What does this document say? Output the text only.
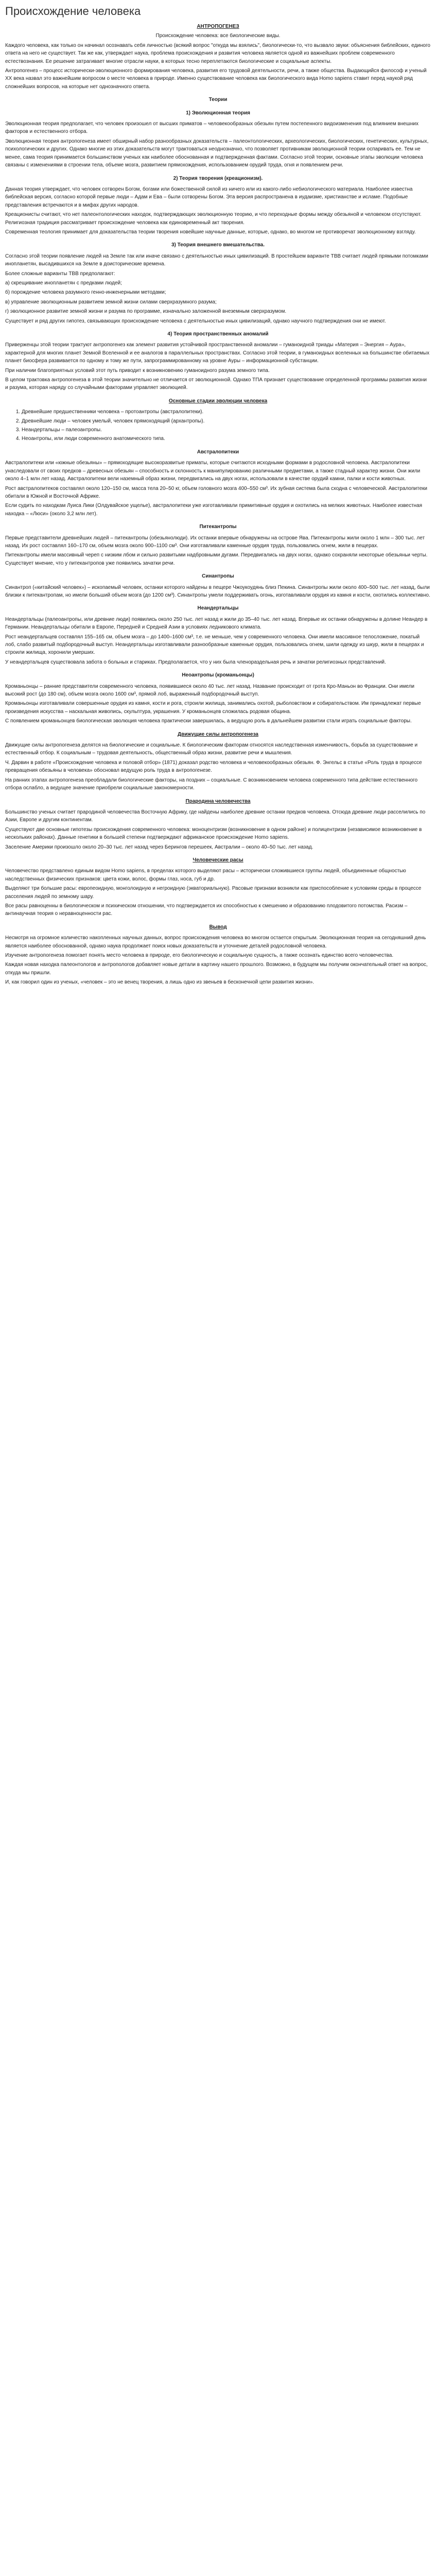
Происхождение человека

АНТРОПОГЕНЕЗ

Происхождение человека: все биологические виды.

Каждого человека, как только он начинал осознавать себя личностью (всякий вопрос "откуда мы взялись", биологически-то, что вызвало звуки: объяснения библейских, единого ответа на него не существует. Так же как, утверждает наука, проблема происхождения и развития человека является одной из важнейших проблем современного естествознания. Ее решение затрагивает многие отрасли науки, в которых тесно переплетаются биологические и социальные аспекты.

Антропогенез – процесс исторически-эволюционного формирования человека, развития его трудовой деятельности, речи, а также общества. Выдающийся философ и ученый XX века назвал это важнейшим вопросом о месте человека в природе. Именно существование человека как биологического вида Homo sapiens ставит перед наукой ряд сложнейших вопросов, на которые нет однозначного ответа.

Теории
1) Эволюционная теория

Эволюционная теория предполагает, что человек произошел от высших приматов – человекообразных обезьян путем постепенного видоизменения под влиянием внешних факторов и естественного отбора.

Эволюционная теория антропогенеза имеет обширный набор разнообразных доказательств – палеонтологических, археологических, биологических, генетических, культурных, психологических и других. Однако многие из этих доказательств могут трактоваться неоднозначно, что позволяет противникам эволюционной теории оспаривать ее. Тем не менее, сама теория принимается большинством ученых как наиболее обоснованная и подтвержденная фактами. Согласно этой теории, основные этапы эволюции человека связаны с изменениями в строении тела, объеме мозга, развитием прямохождения, использованием орудий труда, огня и появлением речи.

2) Теория творения (креационизм).

Данная теория утверждает, что человек сотворен Богом, богами или божественной силой из ничего или из какого-либо небиологического материала. Наиболее известна библейская версия, согласно которой первые люди – Адам и Ева – были сотворены Богом. Эта версия распространена в иудаизме, христианстве и исламе. Подобные представления встречаются и в мифах других народов.

Креационисты считают, что нет палеонтологических находок, подтверждающих эволюционную теорию, и что переходные формы между обезьяной и человеком отсутствуют. Религиозная традиция рассматривает происхождение человека как единовременный акт творения.

Современная теология принимает для доказательства теории творения новейшие научные данные, которые, однако, во многом не противоречат эволюционному взгляду.

3) Теория внешнего вмешательства.

Согласно этой теории появление людей на Земле так или иначе связано с деятельностью иных цивилизаций. В простейшем варианте ТВВ считает людей прямыми потомками инопланетян, высадившихся на Земле в доисторические времена.

Более сложные варианты ТВВ предполагают:

а) скрещивание инопланетян с предками людей;

б) порождение человека разумного генно-инженерными методами;

в) управление эволюционным развитием земной жизни силами сверхразумного разума;

г) эволюционное развитие земной жизни и разума по программе, изначально заложенной внеземным сверхразумом.

Существует и ряд других гипотез, связывающих происхождение человека с деятельностью иных цивилизаций, однако научного подтверждения они не имеют.

4) Теория пространственных аномалий

Приверженцы этой теории трактуют антропогенез как элемент развития устойчивой пространственной аномалии – гуманоидной триады «Материя – Энергия – Аура», характерной для многих планет Земной Вселенной и ее аналогов в параллельных пространствах. Согласно этой теории, в гуманоидных вселенных на большинстве обитаемых планет биосфера развивается по одному и тому же пути, запрограммированному на уровне Ауры – информационной субстанции.

При наличии благоприятных условий этот путь приводит к возникновению гуманоидного разума земного типа.

В целом трактовка антропогенеза в этой теории значительно не отличается от эволюционной. Однако ТПА признает существование определенной программы развития жизни и разума, которая наряду со случайными факторами управляет эволюцией.

Основные стадии эволюции человека
1. Древнейшие предшественники человека – протоантропы (австралопитеки).
2. Древнейшие люди – человек умелый, человек прямоходящий (архантропы).
3. Неандертальцы – палеоантропы.
4. Неоантропы, или люди современного анатомического типа.
Австралопитеки

Австралопитеки или «южные обезьяны» – прямоходящие высокоразвитые приматы, которые считаются исходными формами в родословной человека. Австралопитеки унаследовали от своих предков – древесных обезьян – способность и склонность к манипулированию различными предметами, а также стадный характер жизни. Они жили около 4–1 млн лет назад. Австралопитеки вели наземный образ жизни, передвигались на двух ногах, использовали в качестве орудий камни, палки и кости животных.

Рост австралопитеков составлял около 120–150 см, масса тела 20–50 кг, объем головного мозга 400–550 см³. Их зубная система была сходна с человеческой. Австралопитеки обитали в Южной и Восточной Африке.

Если судить по находкам Луиса Лики (Олдувайское ущелье), австралопитеки уже изготавливали примитивные орудия и охотились на мелких животных. Наиболее известная находка – «Люси» (около 3,2 млн лет).

Питекантропы

Первые представители древнейших людей – питекантропы (обезьянолюди). Их останки впервые обнаружены на острове Ява. Питекантропы жили около 1 млн – 300 тыс. лет назад. Их рост составлял 160–170 см, объем мозга около 900–1100 см³. Они изготавливали каменные орудия труда, пользовались огнем, жили в пещерах.

Питекантропы имели массивный череп с низким лбом и сильно развитыми надбровными дугами. Передвигались на двух ногах, однако сохраняли некоторые обезьяньи черты. Существует мнение, что у питекантропов уже появились зачатки речи.

Синантропы

Синантроп («китайский человек») – ископаемый человек, останки которого найдены в пещере Чжоукоудянь близ Пекина. Синантропы жили около 400–500 тыс. лет назад, были близки к питекантропам, но имели больший объем мозга (до 1200 см³). Синантропы умели поддерживать огонь, изготавливали орудия из камня и кости, охотились коллективно.

Неандертальцы

Неандертальцы (палеоантропы, или древние люди) появились около 250 тыс. лет назад и жили до 35–40 тыс. лет назад. Впервые их останки обнаружены в долине Неандер в Германии. Неандертальцы обитали в Европе, Передней и Средней Азии в условиях ледникового климата.

Рост неандертальцев составлял 155–165 см, объем мозга – до 1400–1600 см³, т.е. не меньше, чем у современного человека. Они имели массивное телосложение, покатый лоб, слабо развитый подбородочный выступ. Неандертальцы изготавливали разнообразные каменные орудия, пользовались огнем, шили одежду из шкур, жили в пещерах и строили жилища, хоронили умерших.

У неандертальцев существовала забота о больных и стариках. Предполагается, что у них была членораздельная речь и зачатки религиозных представлений.

Неоантропы (кроманьонцы)

Кроманьонцы – ранние представители современного человека, появившиеся около 40 тыс. лет назад. Название происходит от грота Кро-Маньон во Франции. Они имели высокий рост (до 180 см), объем мозга около 1600 см³, прямой лоб, выраженный подбородочный выступ.

Кроманьонцы изготавливали совершенные орудия из камня, кости и рога, строили жилища, занимались охотой, рыболовством и собирательством. Им принадлежат первые произведения искусства – наскальная живопись, скульптура, украшения. У кроманьонцев сложилась родовая община.

С появлением кроманьонцев биологическая эволюция человека практически завершилась, а ведущую роль в дальнейшем развитии стали играть социальные факторы.

Движущие силы антропогенеза

Движущие силы антропогенеза делятся на биологические и социальные. К биологическим факторам относятся наследственная изменчивость, борьба за существование и естественный отбор. К социальным – трудовая деятельность, общественный образ жизни, развитие речи и мышления.

Ч. Дарвин в работе «Происхождение человека и половой отбор» (1871) доказал родство человека и человекообразных обезьян. Ф. Энгельс в статье «Роль труда в процессе превращения обезьяны в человека» обосновал ведущую роль труда в антропогенезе.

На ранних этапах антропогенеза преобладали биологические факторы, на поздних – социальные. С возникновением человека современного типа действие естественного отбора ослабло, а ведущее значение приобрели социальные закономерности.

Прародина человечества

Большинство ученых считает прародиной человечества Восточную Африку, где найдены наиболее древние останки предков человека. Отсюда древние люди расселились по Азии, Европе и другим континентам.

Существуют две основные гипотезы происхождения современного человека: моноцентризм (возникновение в одном районе) и полицентризм (независимое возникновение в нескольких районах). Данные генетики в большей степени подтверждают африканское происхождение Homo sapiens.

Заселение Америки произошло около 20–30 тыс. лет назад через Берингов перешеек, Австралии – около 40–50 тыс. лет назад.

Человеческие расы

Человечество представлено единым видом Homo sapiens, в пределах которого выделяют расы – исторически сложившиеся группы людей, объединенные общностью наследственных физических признаков: цвета кожи, волос, формы глаз, носа, губ и др.

Выделяют три большие расы: европеоидную, монголоидную и негроидную (экваториальную). Расовые признаки возникли как приспособление к условиям среды в процессе расселения людей по земному шару.

Все расы равноценны в биологическом и психическом отношении, что подтверждается их способностью к смешению и образованию плодовитого потомства. Расизм – антинаучная теория о неравноценности рас.

Вывод

Несмотря на огромное количество накопленных научных данных, вопрос происхождения человека во многом остается открытым. Эволюционная теория на сегодняшний день является наиболее обоснованной, однако наука продолжает поиск новых доказательств и уточнение деталей родословной человека.

Изучение антропогенеза помогает понять место человека в природе, его биологическую и социальную сущность, а также осознать единство всего человечества.

Каждая новая находка палеонтологов и антропологов добавляет новые детали в картину нашего прошлого. Возможно, в будущем мы получим окончательный ответ на вопрос, откуда мы пришли.

И, как говорил один из ученых, «человек – это не венец творения, а лишь одно из звеньев в бесконечной цепи развития жизни».
